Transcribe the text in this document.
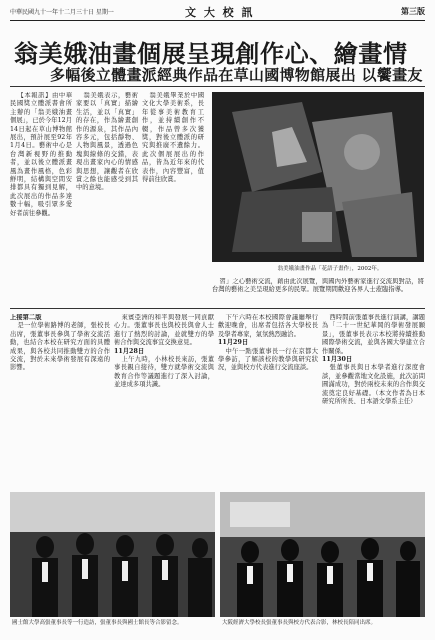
中華民國九十一年十二月三十日 星期一	文 大 校 訊	第三版
翁美娥油畫個展呈現創作心、繪畫情
多幅後立體畫派經典作品在草山國博物館展出 以饗畫友

【本報訊】由中華民國獎立體派書會所主辦的「翁美娥油畫個展」，已於今年12月14日起在草山博物館展出，預計展至92年1月4日。藝術中心是台灣新視野的推動者，並以後立體派畫風為畫作風格，色彩鮮明，結構與空間安排都具有獨到見解，此次展出的作品多達數十幅，吸引眾多愛好者前往參觀。

翁美娥表示，藝術家要以「真實」描繪生活，並以「真實」的存在，作為繪畫創作的源泉，其作品內容多元，包括靜物、人物與風景，透過色塊與線條的交錯，表現出畫家內心的情感與思想，讓觀者在欣賞之餘也能感受到其中的意境。

翁美娥畢業於中國文化大學美術系，長年從事美術教育工作，並持續創作不輟，作品曾多次獲獎，對後立體派的研究與推廣不遺餘力。此次個展展出的作品，皆為近年來的代表作，內容豐富，值得前往欣賞。

翁美娥油畫作品「花語子畫作」，2002年。

習」之心藝術交流，藉由此次展覽，與國內外藝術家進行交流與對話，將台灣的藝術之美呈現給更多的民眾。展覽期間歡迎各界人士蒞臨指導。

上接第二版

是一位學術路博的老師，張校長出席，張董事長參與了學術交流活動，也結合本校在研究方面的具體成果，與各校共同推動雙方的合作交流，對於未來學術發展有深遠的影響。

來賓亞洲的和平與發展一同貢獻心力。張董事長也與校長與會人士進行了熱烈的討論，並就雙方的學術合作與交流事宜交換意見。

11月28日

上午九時，小林校長來訪，張董事長親自接待，雙方就學術交流與教育合作等議題進行了深入討論，並達成多項共識。

下午六時在本校國際會議廳舉行歡迎晚會，出席者包括各大學校長及學者專家，氣氛熱烈融洽。

11月29日

中午一點張董事長一行在京都大學參訪，了解該校的教學與研究狀況，並與校方代表進行交流座談。

西時間前張董事長進行演講，講題為「二十一世紀華岡的學術發展願景」，張董事長表示本校將持續推動國際學術交流，並與各國大學建立合作關係。

11月30日

張董事長與日本學者進行深度會談，並參觀當地文化設施，此次訪問圓滿成功，對於兩校未來的合作與交流奠定良好基礎。（本文作者為日本研究所所長、日本語文學系主任）

國士館大學高張董事長等一行造訪，張董事長與國士館長等合影留念。	大阪經濟大學校長張董事長與校方代表合影，林校長陪同出席。
